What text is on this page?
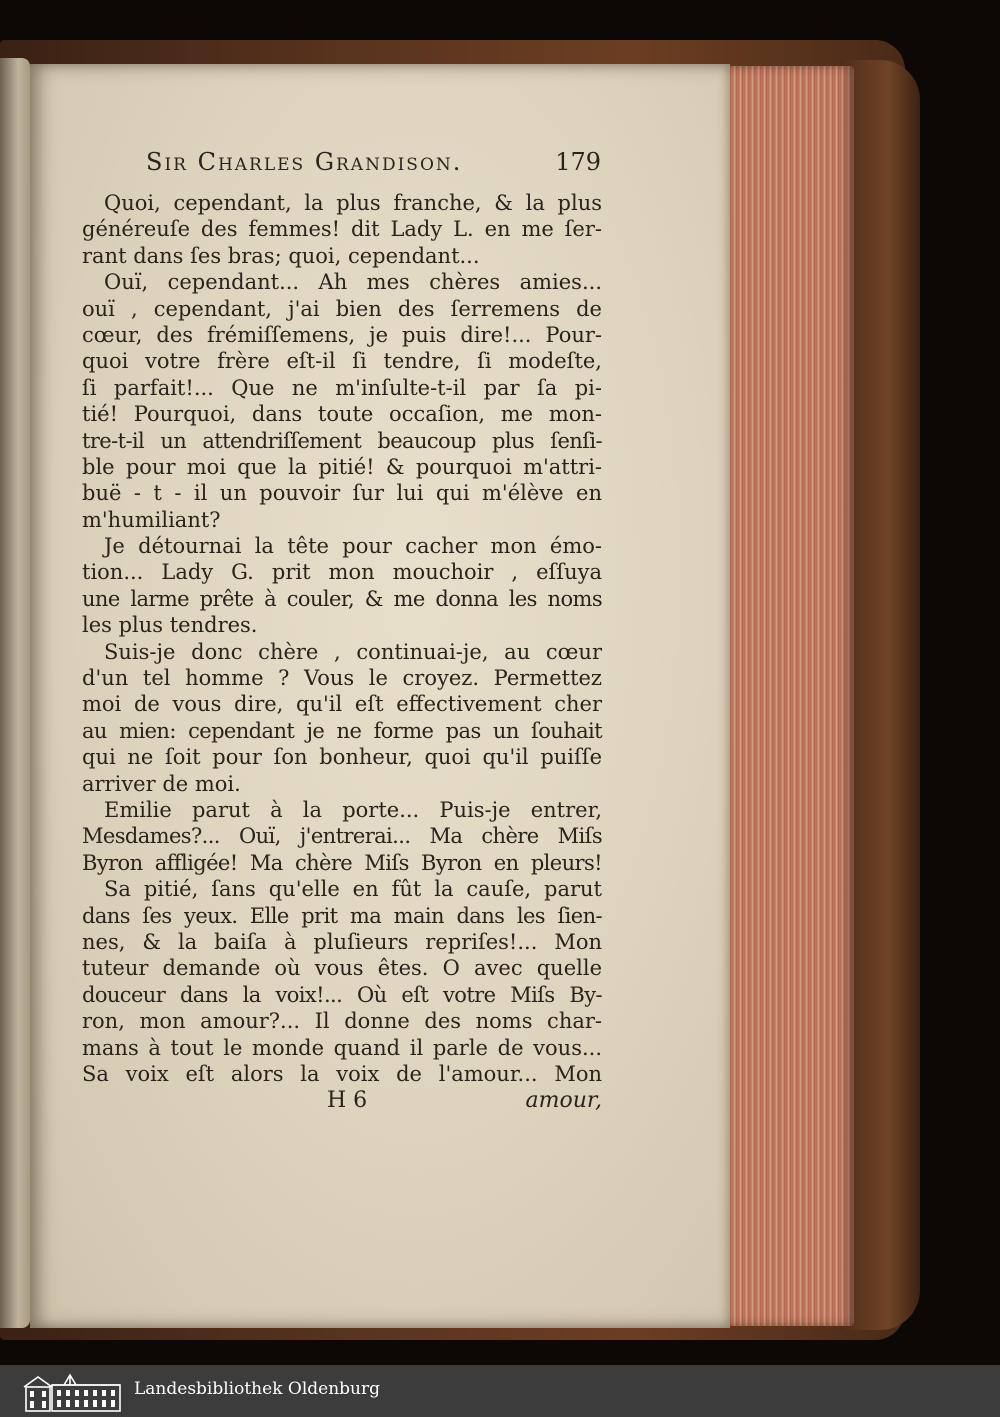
Sir Charles Grandison.	179
Quoi, cependant, la plus franche, & la plus
généreuſe des femmes! dit Lady L. en me ſer-
rant dans ſes bras; quoi, cependant...
Ouï, cependant... Ah mes chères amies...
ouï , cependant, j'ai bien des ſerremens de
cœur, des frémiſſemens, je puis dire!... Pour-
quoi votre frère eſt-il ſi tendre, ſi modeſte,
ſi parfait!... Que ne m'inſulte-t-il par ſa pi-
tié! Pourquoi, dans toute occaſion, me mon-
tre-t-il un attendriſſement beaucoup plus ſenſi-
ble pour moi que la pitié! & pourquoi m'attri-
buë - t - il un pouvoir ſur lui qui m'élève en
m'humiliant?
Je détournai la tête pour cacher mon émo-
tion... Lady G. prit mon mouchoir , eſſuya
une larme prête à couler, & me donna les noms
les plus tendres.
Suis-je donc chère , continuai-je, au cœur
d'un tel homme ? Vous le croyez. Permettez
moi de vous dire, qu'il eſt effectivement cher
au mien: cependant je ne forme pas un ſouhait
qui ne ſoit pour ſon bonheur, quoi qu'il puiſſe
arriver de moi.
Emilie parut à la porte... Puis-je entrer,
Mesdames?... Ouï, j'entrerai... Ma chère Miſs
Byron affligée! Ma chère Miſs Byron en pleurs!
Sa pitié, ſans qu'elle en fût la cauſe, parut
dans ſes yeux. Elle prit ma main dans les ſien-
nes, & la baiſa à pluſieurs repriſes!... Mon
tuteur demande où vous êtes. O avec quelle
douceur dans la voix!... Où eſt votre Miſs By-
ron, mon amour?... Il donne des noms char-
mans à tout le monde quand il parle de vous...
Sa voix eſt alors la voix de l'amour... Mon
H 6	amour,
Landesbibliothek Oldenburg
